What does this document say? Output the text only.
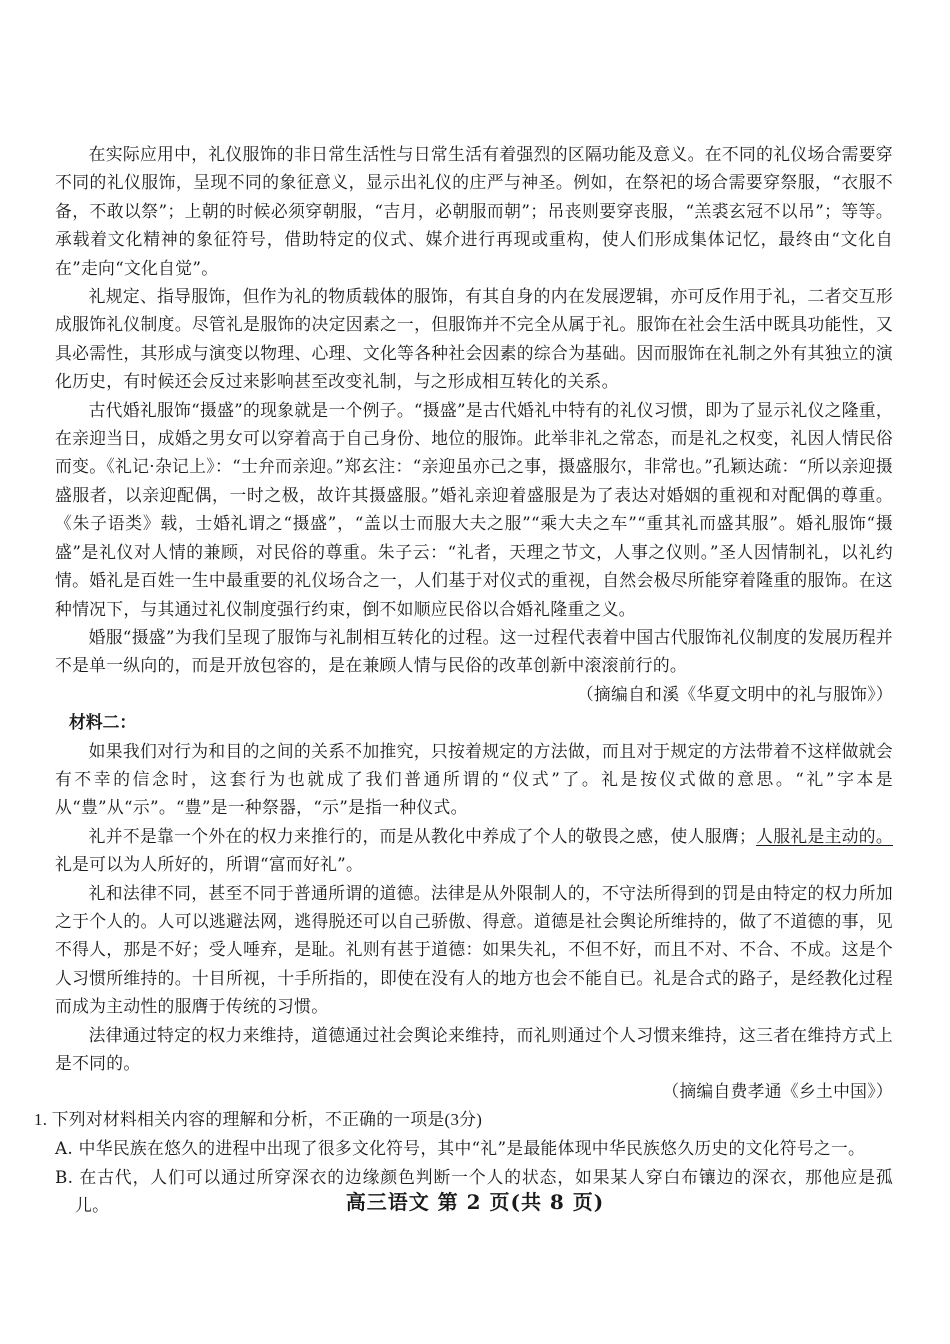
在实际应用中，礼仪服饰的非日常生活性与日常生活有着强烈的区隔功能及意义。在不同的礼仪场合需要穿不同的礼仪服饰，呈现不同的象征意义，显示出礼仪的庄严与神圣。例如，在祭祀的场合需要穿祭服，“衣服不备，不敢以祭”；上朝的时候必须穿朝服，“吉月，必朝服而朝”；吊丧则要穿丧服，“羔裘玄冠不以吊”；等等。承载着文化精神的象征符号，借助特定的仪式、媒介进行再现或重构，使人们形成集体记忆，最终由“文化自在”走向“文化自觉”。

礼规定、指导服饰，但作为礼的物质载体的服饰，有其自身的内在发展逻辑，亦可反作用于礼，二者交互形成服饰礼仪制度。尽管礼是服饰的决定因素之一，但服饰并不完全从属于礼。服饰在社会生活中既具功能性，又具必需性，其形成与演变以物理、心理、文化等各种社会因素的综合为基础。因而服饰在礼制之外有其独立的演化历史，有时候还会反过来影响甚至改变礼制，与之形成相互转化的关系。

古代婚礼服饰“摄盛”的现象就是一个例子。“摄盛”是古代婚礼中特有的礼仪习惯，即为了显示礼仪之隆重，在亲迎当日，成婚之男女可以穿着高于自己身份、地位的服饰。此举非礼之常态，而是礼之权变，礼因人情民俗而变。《礼记·杂记上》：“士弁而亲迎。”郑玄注：“亲迎虽亦己之事，摄盛服尔，非常也。”孔颖达疏：“所以亲迎摄盛服者，以亲迎配偶，一时之极，故许其摄盛服。”婚礼亲迎着盛服是为了表达对婚姻的重视和对配偶的尊重。《朱子语类》载，士婚礼谓之“摄盛”，“盖以士而服大夫之服”“乘大夫之车”“重其礼而盛其服”。婚礼服饰“摄盛”是礼仪对人情的兼顾，对民俗的尊重。朱子云：“礼者，天理之节文，人事之仪则。”圣人因情制礼，以礼约情。婚礼是百姓一生中最重要的礼仪场合之一，人们基于对仪式的重视，自然会极尽所能穿着隆重的服饰。在这种情况下，与其通过礼仪制度强行约束，倒不如顺应民俗以合婚礼隆重之义。

婚服“摄盛”为我们呈现了服饰与礼制相互转化的过程。这一过程代表着中国古代服饰礼仪制度的发展历程并不是单一纵向的，而是开放包容的，是在兼顾人情与民俗的改革创新中滚滚前行的。

（摘编自和溪《华夏文明中的礼与服饰》）

材料二：

如果我们对行为和目的之间的关系不加推究，只按着规定的方法做，而且对于规定的方法带着不这样做就会有不幸的信念时，这套行为也就成了我们普通所谓的“仪式”了。礼是按仪式做的意思。“礼”字本是从“豊”从“示”。“豊”是一种祭器，“示”是指一种仪式。

礼并不是靠一个外在的权力来推行的，而是从教化中养成了个人的敬畏之感，使人服膺；人服礼是主动的。礼是可以为人所好的，所谓“富而好礼”。

礼和法律不同，甚至不同于普通所谓的道德。法律是从外限制人的，不守法所得到的罚是由特定的权力所加之于个人的。人可以逃避法网，逃得脱还可以自己骄傲、得意。道德是社会舆论所维持的，做了不道德的事，见不得人，那是不好；受人唾弃，是耻。礼则有甚于道德：如果失礼，不但不好，而且不对、不合、不成。这是个人习惯所维持的。十目所视，十手所指的，即使在没有人的地方也会不能自已。礼是合式的路子，是经教化过程而成为主动性的服膺于传统的习惯。

法律通过特定的权力来维持，道德通过社会舆论来维持，而礼则通过个人习惯来维持，这三者在维持方式上是不同的。

（摘编自费孝通《乡土中国》）

1. 下列对材料相关内容的理解和分析，不正确的一项是(3分)

A. 中华民族在悠久的进程中出现了很多文化符号，其中“礼”是最能体现中华民族悠久历史的文化符号之一。

B. 在古代，人们可以通过所穿深衣的边缘颜色判断一个人的状态，如果某人穿白布镶边的深衣，那他应是孤儿。	高三语文 第 2 页(共 8 页)
